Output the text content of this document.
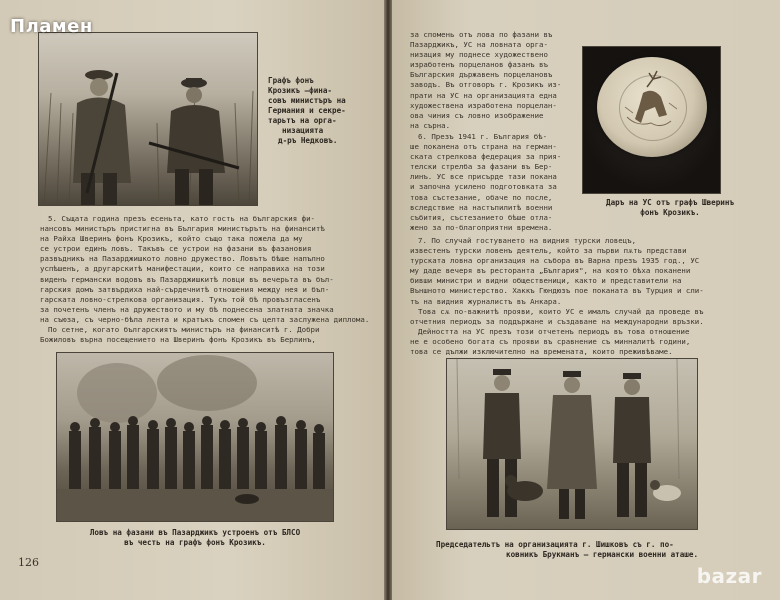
Графъ фонъ
Крозикъ —фина-
совъ министъръ на
Германия и секре-
тарьтъ на орга-
низацията
д-ръ Недковъ.
5. Същата година презъ есеньта, като гость на българския фи-
нансовъ министъръ пристигна въ България министърътъ на финанситѣ
на Райха Шверинъ фонъ Крозикъ, който също така пожела да му
се устрои единъ ловъ. Такъвъ се устрои на фазани въ фазановия
развъдникъ на Пазарджишкото ловно дружество. Ловътъ бѣше напълно
успѣшенъ, а другарскитѣ манифестации, които се направиха на този
виденъ германски водовъ въ Пазарджишкитѣ ловци въ вечерьта въ бъл-
гарския домъ затвърдиха най-сърдечнитѣ отношения между нея и бъл-
гарската ловно-стрелкова организация. Тукъ той бѣ провъзгласенъ
за почетенъ членъ на дружеството и му бѣ поднесена златната значка
на съюза, съ черно-бѣла лента и кратъкъ спомен съ целта заслужена диплома.
По сетне, когато българскиятъ министъръ на финанситѣ г. Добри
Божиловъ върна посещението на Шверинъ фонъ Крозикъ въ Берлинъ,
Ловъ на фазани въ Пазарджикъ устроенъ отъ БЛСО
въ честь на графъ фонъ Крозикъ.
126
за спомень отъ лова по фазани въ
Пазарджикъ, УС на ловната орга-
низация му поднесе художествено
изработенъ порцеланов фазанъ въ
Българския държавенъ порцелановъ
заводъ. Въ отговоръ г. Крозикъ из-
прати на УС на организацията една
художествена изработена порцелан-
ова чиния съ ловно изображение
на сърна.
Даръ на УС отъ графъ Шверинъ
фонъ Крозикъ.
6. Презъ 1941 г. България бѣ-
ше поканена отъ страна на герман-
ската стрелкова федерация за прия-
телски стрелба за фазани въ Бер-
линъ. УС все присърде тази покана
и започна усилено подготовката за
това състезание, обаче по после,
вследствие на настъпилитѣ военни
събития, състезанието бѣше отла-
жено за по-благоприятни времена.
7. По случай гостуването на видния турски ловецъ,
известенъ турски ловенъ деятель, който за първи пѫть представи
турската ловна организация на събора въ Варна презъ 1935 год., УС
му даде вечеря въ ресторанта „България", на която бѣха поканени
бивши министри и видни общественици, както и представители на
Външното министерство. Хаккъ Гюндюзъ пое поканата въ Турция и сли-
тъ на видния журналистъ въ Анкара.
Това сѫ по-важнитѣ прояви, които УС е ималъ случай да проведе въ
отчетния периодъ за поддържане и създаване на международни връзки.
Дейността на УС презъ този отчетенъ периодъ въ това отношение
не е особено богата съ прояви въ сравнение съ минналитѣ години,
това се дължи изключително на времената, които преживѣваме.
Председательтъ на организацията г. Шишковъ съ г. по-
ковникъ Брукманъ — германски военни аташе.
bazar
Пламен
